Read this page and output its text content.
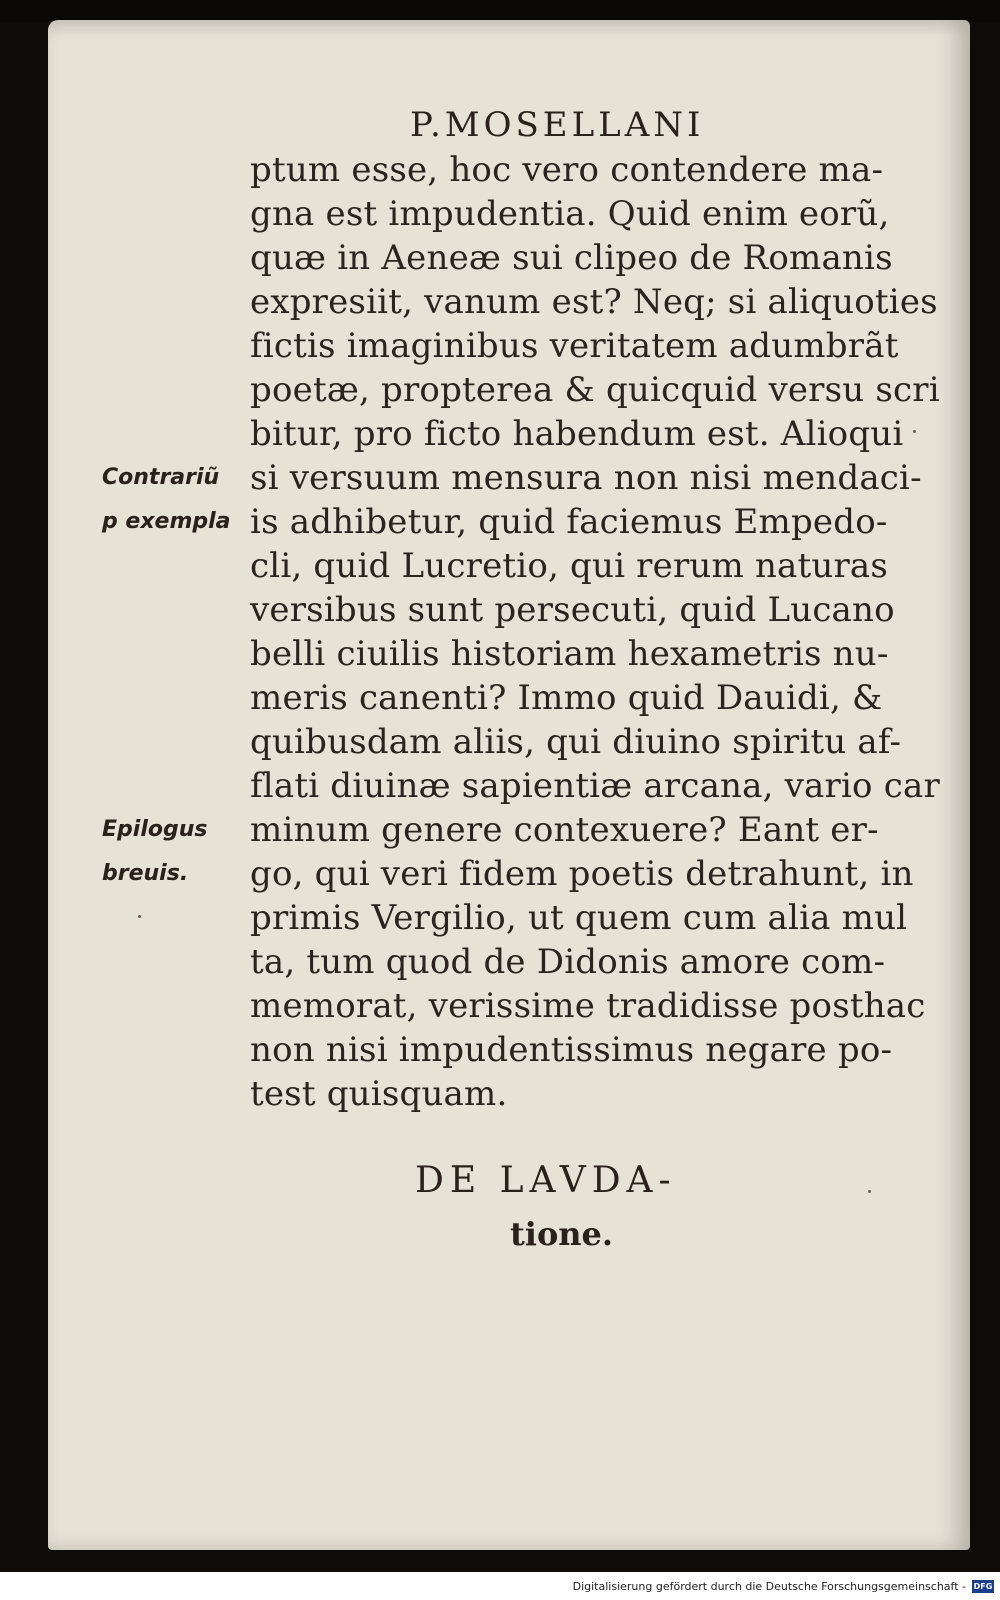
P.MOSELLANI
ptum esse, hoc vero contendere ma-
gna est impudentia. Quid enim eorũ,
quæ in Aeneæ sui clipeo de Romanis
expresiit, vanum est? Neq; si aliquoties
fictis imaginibus veritatem adumbrãt
poetæ, propterea & quicquid versu scri
bitur, pro ficto habendum est. Alioqui
si versuum mensura non nisi mendaci-
is adhibetur, quid faciemus Empedo-
cli, quid Lucretio, qui rerum naturas
versibus sunt persecuti, quid Lucano
belli ciuilis historiam hexametris nu-
meris canenti? Immo quid Dauidi, &
quibusdam aliis, qui diuino spiritu af-
flati diuinæ sapientiæ arcana, vario car
minum genere contexuere? Eant er-
go, qui veri fidem poetis detrahunt, in
primis Vergilio, ut quem cum alia mul
ta, tum quod de Didonis amore com-
memorat, verissime tradidisse posthac
non nisi impudentissimus negare po-
test quisquam.
Contrariũ
p exempla
Epilogus
breuis.
DE LAVDA-
tione.
Digitalisierung gefördert durch die Deutsche Forschungsgemeinschaft - DFG
